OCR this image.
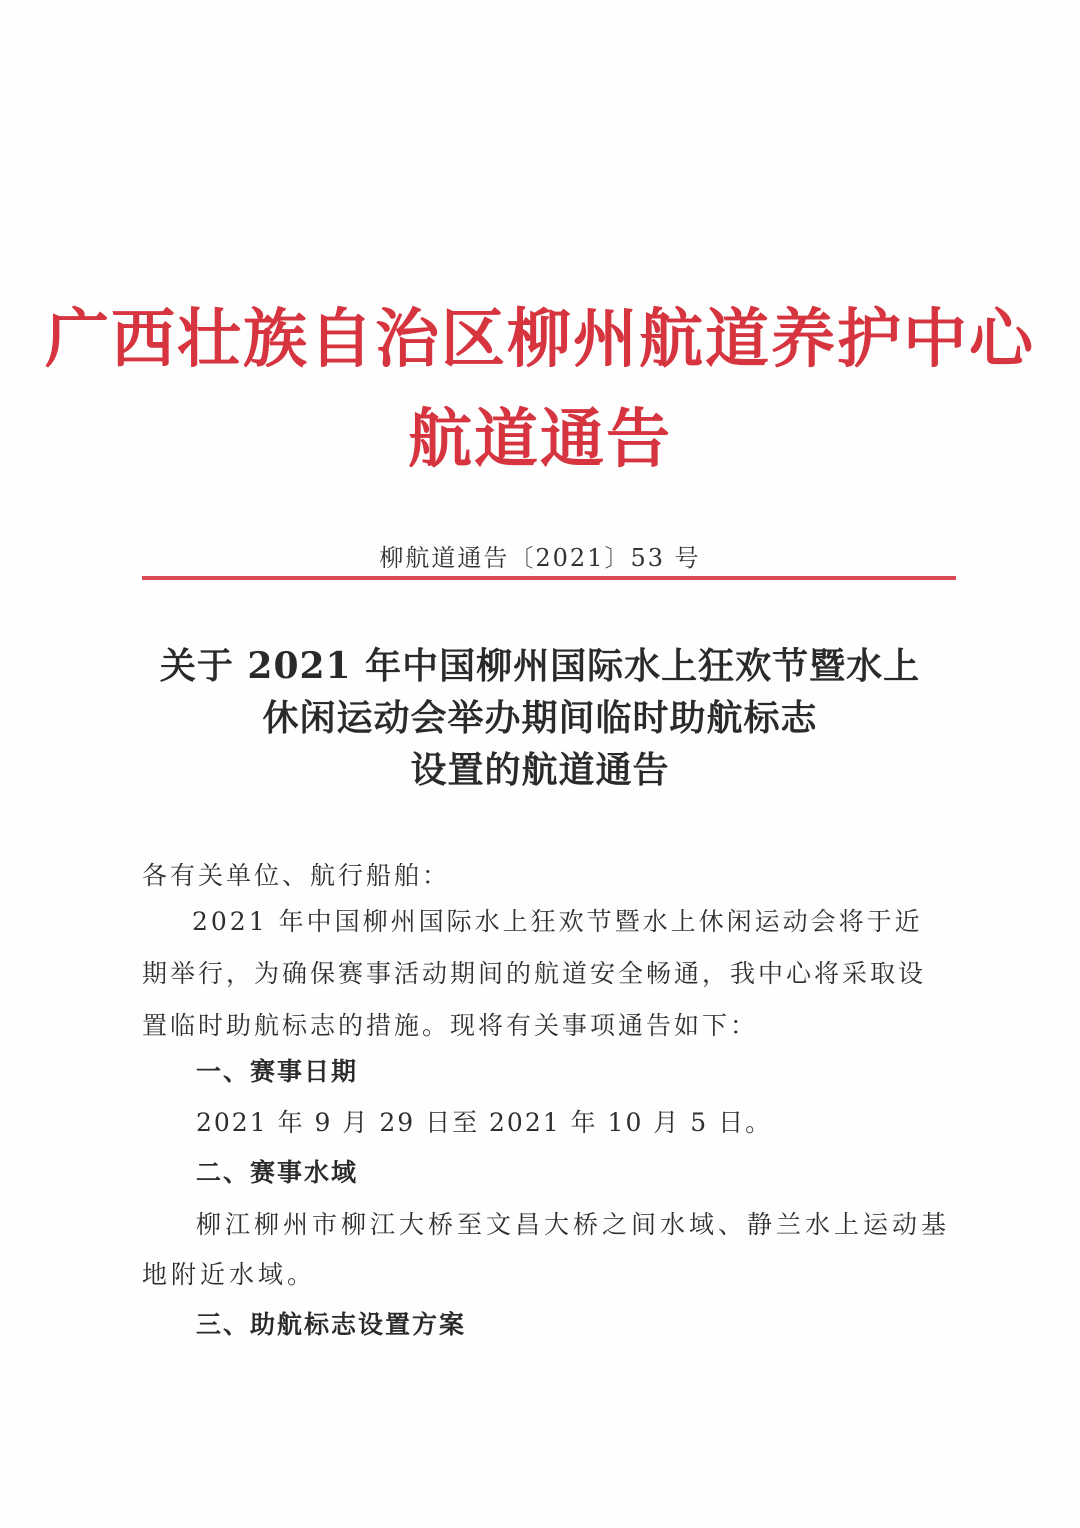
广西壮族自治区柳州航道养护中心
航道通告
柳航道通告〔2021〕53 号
关于 2021 年中国柳州国际水上狂欢节暨水上
休闲运动会举办期间临时助航标志
设置的航道通告
各有关单位、航行船舶：
2021 年中国柳州国际水上狂欢节暨水上休闲运动会将于近
期举行，为确保赛事活动期间的航道安全畅通，我中心将采取设
置临时助航标志的措施。现将有关事项通告如下：
一、赛事日期
2021 年 9 月 29 日至 2021 年 10 月 5 日。
二、赛事水域
柳江柳州市柳江大桥至文昌大桥之间水域、静兰水上运动基
地附近水域。
三、助航标志设置方案
